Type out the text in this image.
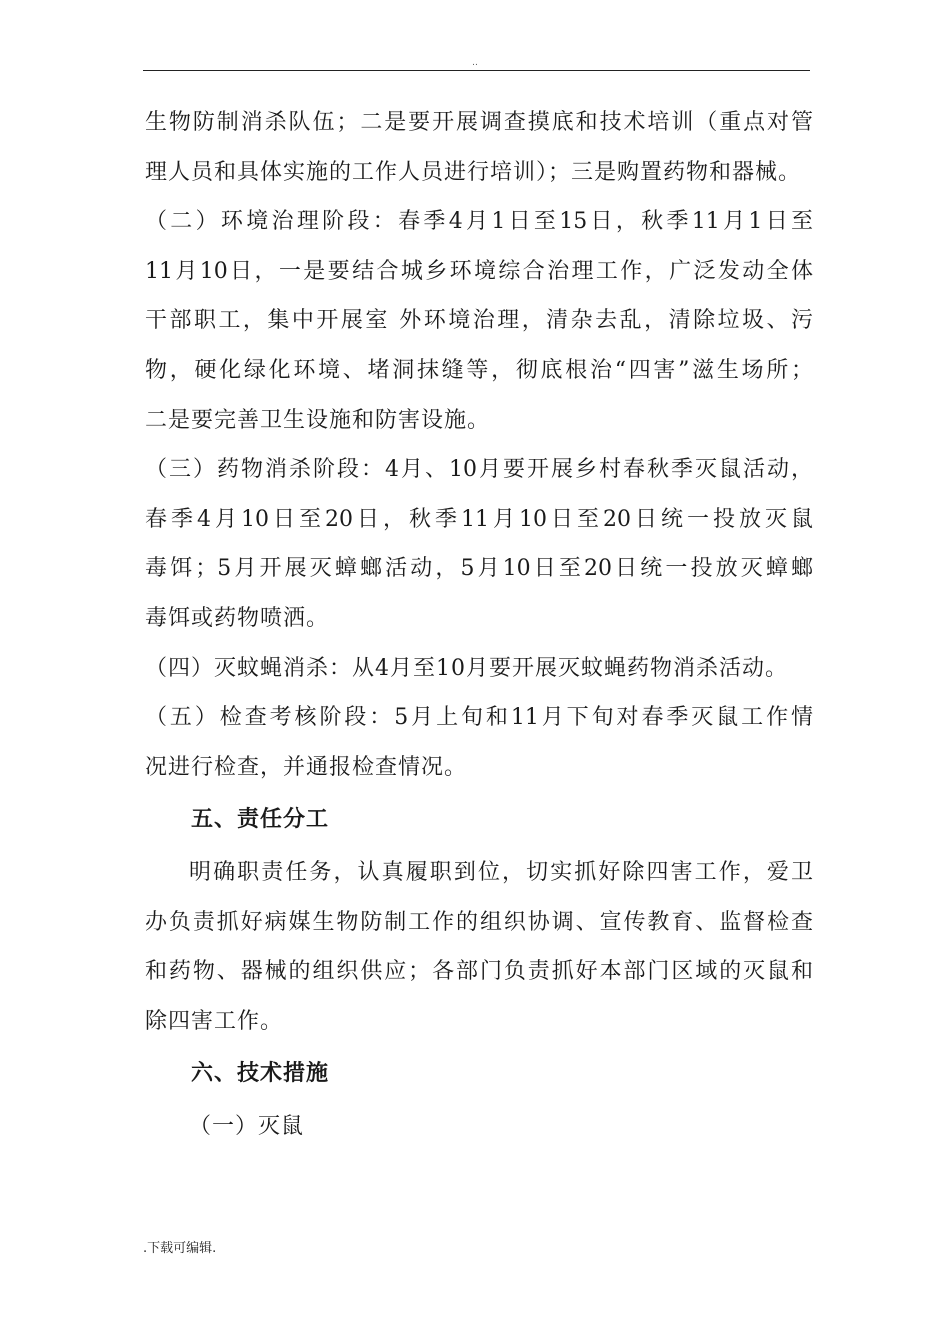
..
生物防制消杀队伍；二是要开展调查摸底和技术培训（重点对管
理人员和具体实施的工作人员进行培训）；三是购置药物和器械。
（二）环境治理阶段：春季4月1日至15日，秋季11月1日至
11月10日，一是要结合城乡环境综合治理工作，广泛发动全体
干部职工，集中开展室 外环境治理，清杂去乱，清除垃圾、污
物，硬化绿化环境、堵洞抹缝等，彻底根治“四害”滋生场所；
二是要完善卫生设施和防害设施。
（三）药物消杀阶段：4月、10月要开展乡村春秋季灭鼠活动，
春季4月10日至20日，秋季11月10日至20日统一投放灭鼠
毒饵；5月开展灭蟑螂活动，5月10日至20日统一投放灭蟑螂
毒饵或药物喷洒。
（四）灭蚊蝇消杀：从4月至10月要开展灭蚊蝇药物消杀活动。
（五）检查考核阶段：5月上旬和11月下旬对春季灭鼠工作情
况进行检查，并通报检查情况。
五、责任分工
明确职责任务，认真履职到位，切实抓好除四害工作，爱卫
办负责抓好病媒生物防制工作的组织协调、宣传教育、监督检查
和药物、器械的组织供应；各部门负责抓好本部门区域的灭鼠和
除四害工作。
六、技术措施
（一）灭鼠
.下载可编辑.
